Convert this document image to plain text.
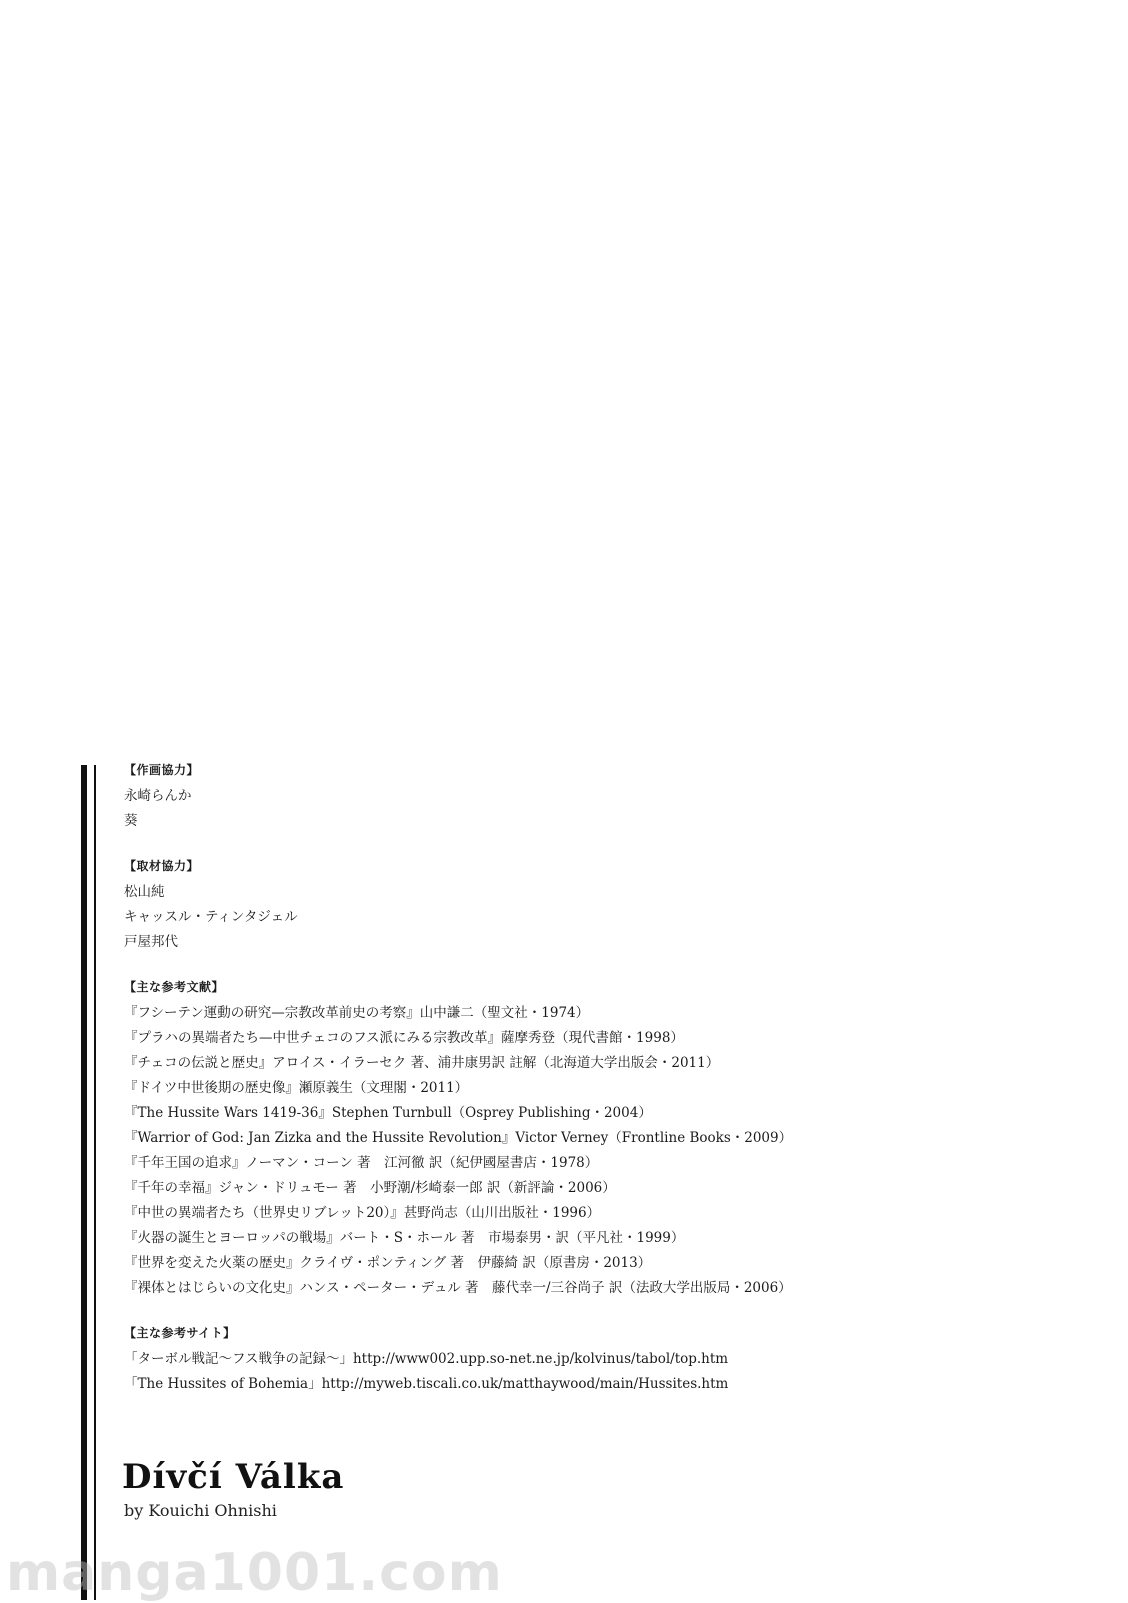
【作画協力】
永崎らんか
葵
【取材協力】
松山純
キャッスル・ティンタジェル
戸屋邦代
【主な参考文献】
『フシーテン運動の研究—宗教改革前史の考察』山中謙二（聖文社・1974）
『プラハの異端者たち—中世チェコのフス派にみる宗教改革』薩摩秀登（現代書館・1998）
『チェコの伝説と歴史』アロイス・イラーセク 著、浦井康男訳 註解（北海道大学出版会・2011）
『ドイツ中世後期の歴史像』瀬原義生（文理閣・2011）
『The Hussite Wars 1419-36』Stephen Turnbull（Osprey Publishing・2004）
『Warrior of God: Jan Zizka and the Hussite Revolution』Victor Verney（Frontline Books・2009）
『千年王国の追求』ノーマン・コーン 著　江河徹 訳（紀伊國屋書店・1978）
『千年の幸福』ジャン・ドリュモー 著　小野潮/杉崎泰一郎 訳（新評論・2006）
『中世の異端者たち（世界史リブレット20）』甚野尚志（山川出版社・1996）
『火器の誕生とヨーロッパの戦場』バート・S・ホール 著　市場泰男・訳（平凡社・1999）
『世界を変えた火薬の歴史』クライヴ・ポンティング 著　伊藤綺 訳（原書房・2013）
『裸体とはじらいの文化史』ハンス・ペーター・デュル 著　藤代幸一/三谷尚子 訳（法政大学出版局・2006）
【主な参考サイト】
「ターボル戦記〜フス戦争の記録〜」http://www002.upp.so-net.ne.jp/kolvinus/tabol/top.htm
「The Hussites of Bohemia」http://myweb.tiscali.co.uk/matthaywood/main/Hussites.htm
Dívčí Válka
by Kouichi Ohnishi
manga1001.com
